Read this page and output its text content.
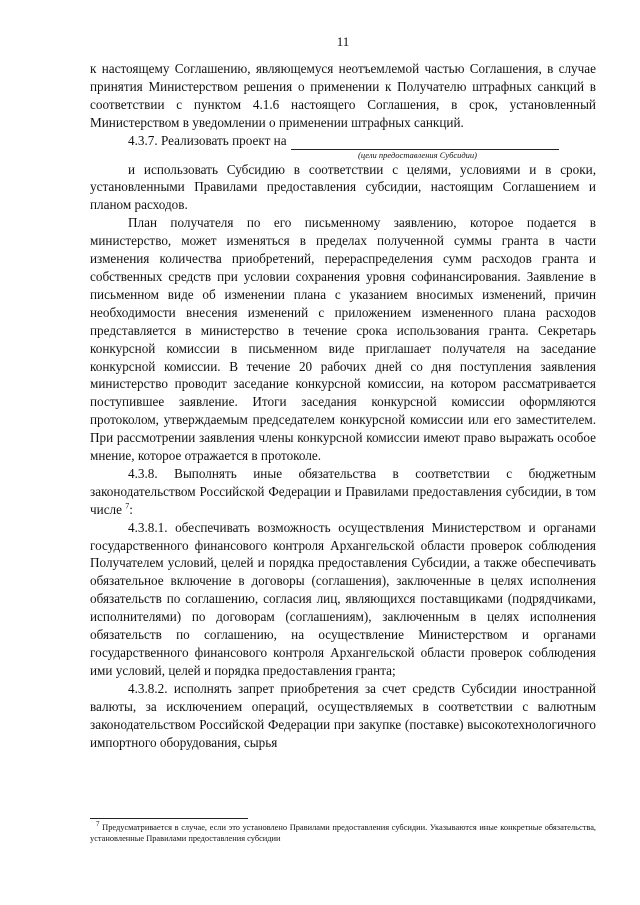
11

к настоящему Соглашению, являющемуся неотъемлемой частью Соглашения, в случае принятия Министерством решения о применении к Получателю штрафных санкций в соответствии с пунктом 4.1.6 настоящего Соглашения, в срок, установленный Министерством в уведомлении о применении штрафных санкций.

4.3.7. Реализовать проект на
(цели предоставления Субсидии)

и использовать Субсидию в соответствии с целями, условиями и в сроки, установленными Правилами предоставления субсидии, настоящим Соглашением и планом расходов.

План получателя по его письменному заявлению, которое подается в министерство, может изменяться в пределах полученной суммы гранта в части изменения количества приобретений, перераспределения сумм расходов гранта и собственных средств при условии сохранения уровня софинансирования. Заявление в письменном виде об изменении плана с указанием вносимых изменений, причин необходимости внесения изменений с приложением измененного плана расходов представляется в министерство в течение срока использования гранта. Секретарь конкурсной комиссии в письменном виде приглашает получателя на заседание конкурсной комиссии. В течение 20 рабочих дней со дня поступления заявления министерство проводит заседание конкурсной комиссии, на котором рассматривается поступившее заявление. Итоги заседания конкурсной комиссии оформляются протоколом, утверждаемым председателем конкурсной комиссии или его заместителем. При рассмотрении заявления члены конкурсной комиссии имеют право выражать особое мнение, которое отражается в протоколе.

4.3.8. Выполнять иные обязательства в соответствии с бюджетным законодательством Российской Федерации и Правилами предоставления субсидии, в том числе $^7$:

4.3.8.1. обеспечивать возможность осуществления Министерством и органами государственного финансового контроля Архангельской области проверок соблюдения Получателем условий, целей и порядка предоставления Субсидии, а также обеспечивать обязательное включение в договоры (соглашения), заключенные в целях исполнения обязательств по соглашению, согласия лиц, являющихся поставщиками (подрядчиками, исполнителями) по договорам (соглашениям), заключенным в целях исполнения обязательств по соглашению, на осуществление Министерством и органами государственного финансового контроля Архангельской области проверок соблюдения ими условий, целей и порядка предоставления гранта;

4.3.8.2. исполнять запрет приобретения за счет средств Субсидии иностранной валюты, за исключением операций, осуществляемых в соответствии с валютным законодательством Российской Федерации при закупке (поставке) высокотехнологичного импортного оборудования, сырья

$^7$ Предусматривается в случае, если это установлено Правилами предоставления субсидии. Указываются иные конкретные обязательства, установленные Правилами предоставления субсидии
